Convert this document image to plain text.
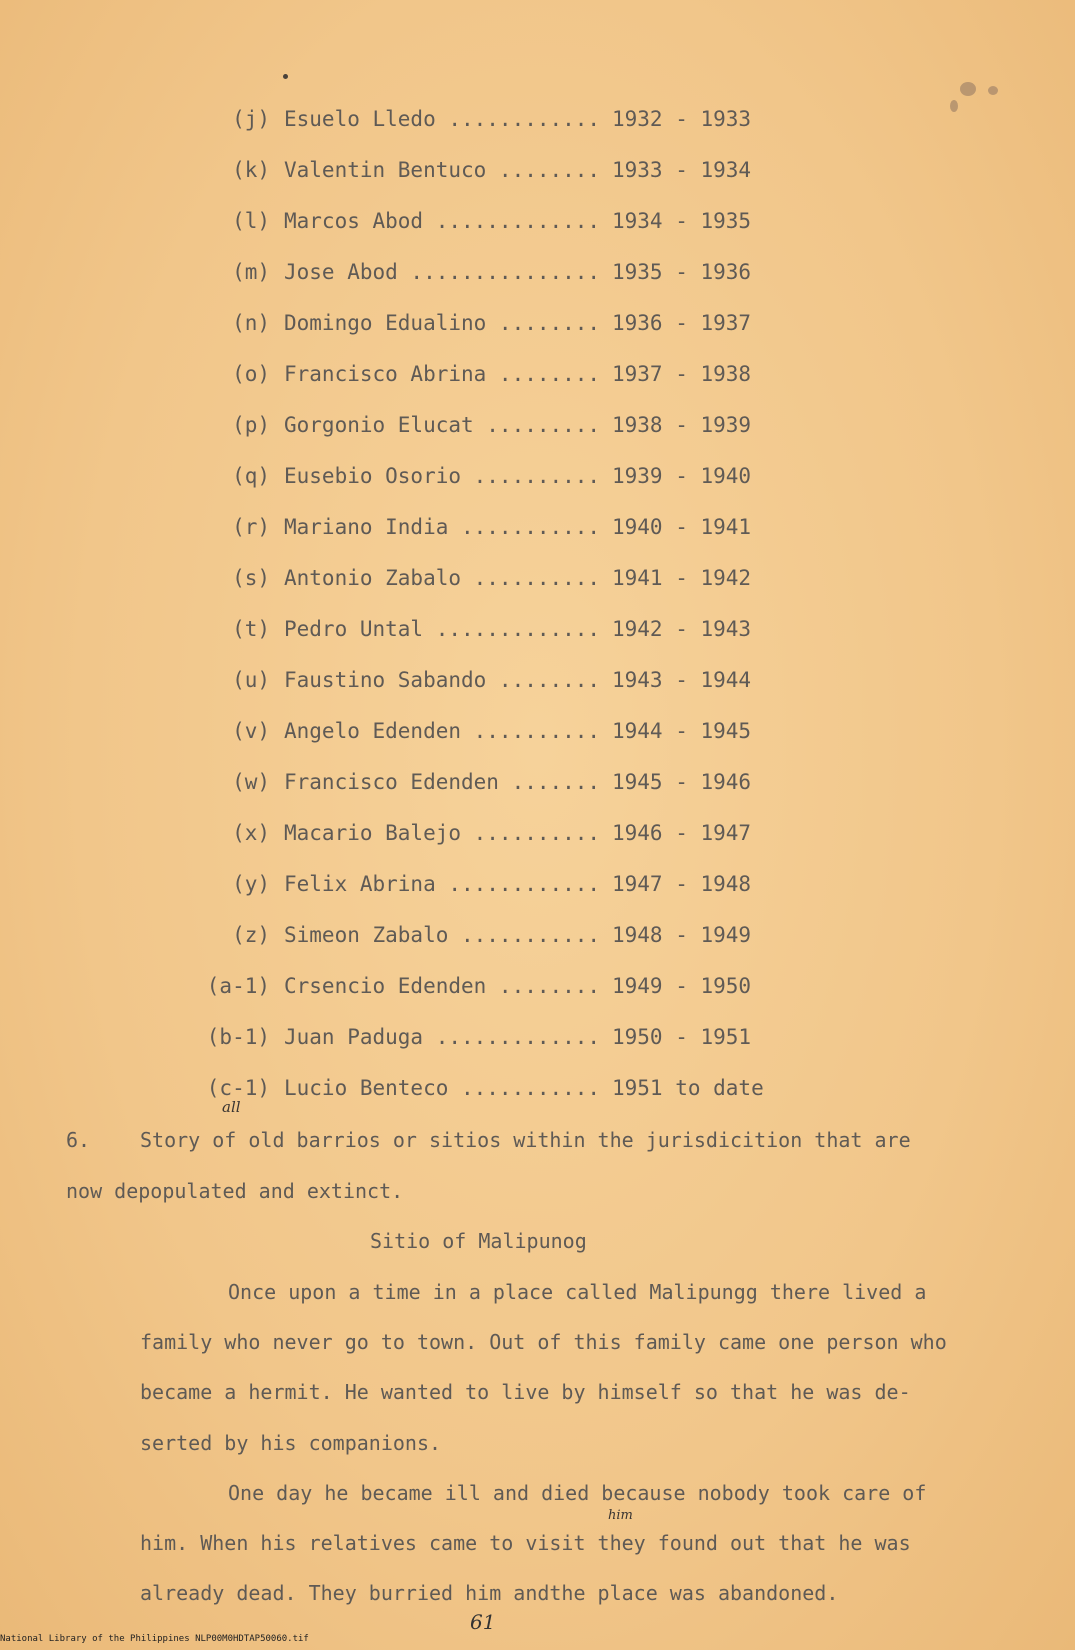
(j) Esuelo Lledo ............ 1932 - 1933
(k) Valentin Bentuco ........ 1933 - 1934
(l) Marcos Abod ............. 1934 - 1935
(m) Jose Abod ............... 1935 - 1936
(n) Domingo Edualino ........ 1936 - 1937
(o) Francisco Abrina ........ 1937 - 1938
(p) Gorgonio Elucat ......... 1938 - 1939
(q) Eusebio Osorio .......... 1939 - 1940
(r) Mariano India ........... 1940 - 1941
(s) Antonio Zabalo .......... 1941 - 1942
(t) Pedro Untal ............. 1942 - 1943
(u) Faustino Sabando ........ 1943 - 1944
(v) Angelo Edenden .......... 1944 - 1945
(w) Francisco Edenden ....... 1945 - 1946
(x) Macario Balejo .......... 1946 - 1947
(y) Felix Abrina ............ 1947 - 1948
(z) Simeon Zabalo ........... 1948 - 1949
(a-1) Crsencio Edenden ........ 1949 - 1950
(b-1) Juan Paduga ............. 1950 - 1951
(c-1) Lucio Benteco ........... 1951 to date
6. Story of old barrios or sitios within the jurisdicition that are
all
now depopulated and extinct.
Sitio of Malipunog
Once upon a time in a place called Malipungg there lived a
family who never go to town. Out of this family came one person who
became a hermit. He wanted to live by himself so that he was de-
serted by his companions.
One day he became ill and died because nobody took care of
him
him. When his relatives came to visit they found out that he was
already dead. They burried him andthe place was abandoned.
61
National Library of the Philippines NLP00M0HDTAP50060.tif
